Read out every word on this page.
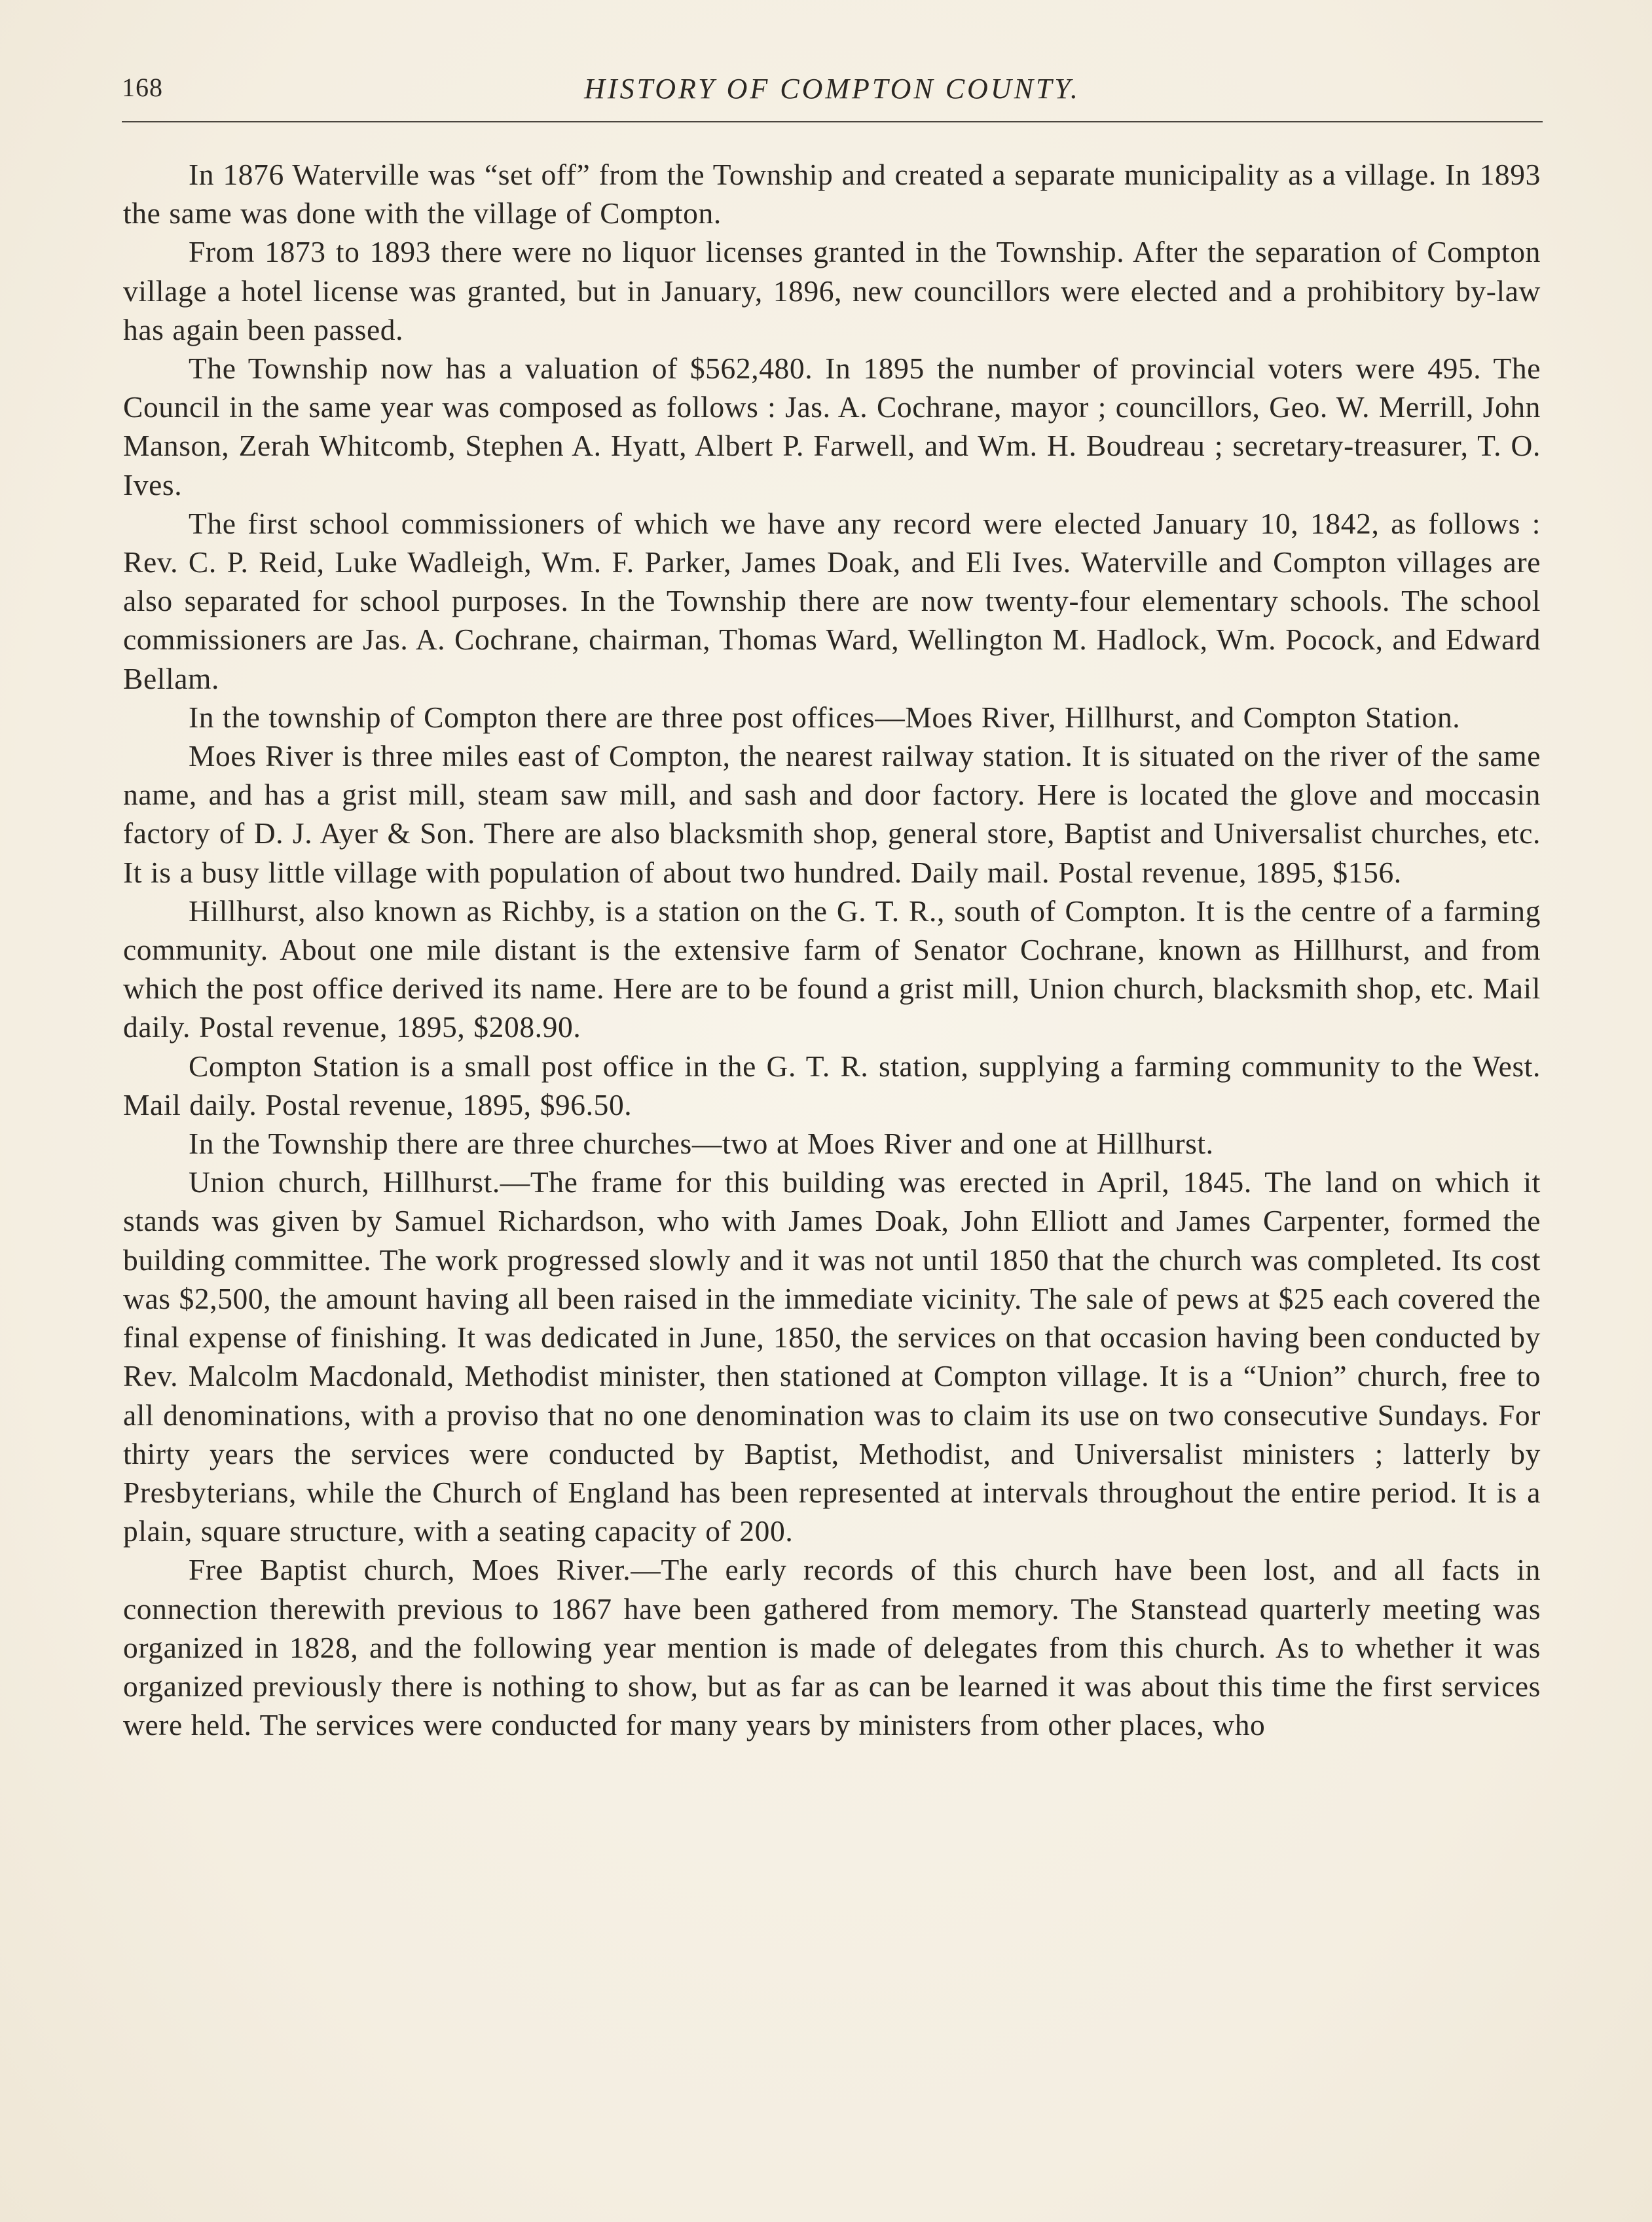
168	HISTORY OF COMPTON COUNTY.

In 1876 Waterville was “set off” from the Township and created a separate municipality as a village. In 1893 the same was done with the village of Compton.

From 1873 to 1893 there were no liquor licenses granted in the Township. After the separation of Compton village a hotel license was granted, but in January, 1896, new councillors were elected and a prohibitory by-law has again been passed.

The Township now has a valuation of $562,480. In 1895 the number of provincial voters were 495. The Council in the same year was composed as follows : Jas. A. Cochrane, mayor ; councillors, Geo. W. Merrill, John Manson, Zerah Whitcomb, Stephen A. Hyatt, Albert P. Farwell, and Wm. H. Boudreau ; secretary-treasurer, T. O. Ives.

The first school commissioners of which we have any record were elected January 10, 1842, as follows : Rev. C. P. Reid, Luke Wadleigh, Wm. F. Parker, James Doak, and Eli Ives. Waterville and Compton villages are also separated for school purposes. In the Township there are now twenty-four elementary schools. The school commissioners are Jas. A. Cochrane, chairman, Thomas Ward, Wellington M. Hadlock, Wm. Pocock, and Edward Bellam.

In the township of Compton there are three post offices—Moes River, Hillhurst, and Compton Station.

Moes River is three miles east of Compton, the nearest railway station. It is situated on the river of the same name, and has a grist mill, steam saw mill, and sash and door factory. Here is located the glove and moccasin factory of D. J. Ayer & Son. There are also blacksmith shop, general store, Baptist and Universalist churches, etc. It is a busy little village with population of about two hundred. Daily mail. Postal revenue, 1895, $156.

Hillhurst, also known as Richby, is a station on the G. T. R., south of Compton. It is the centre of a farming community. About one mile distant is the extensive farm of Senator Cochrane, known as Hillhurst, and from which the post office derived its name. Here are to be found a grist mill, Union church, blacksmith shop, etc. Mail daily. Postal revenue, 1895, $208.90.

Compton Station is a small post office in the G. T. R. station, supplying a farming community to the West. Mail daily. Postal revenue, 1895, $96.50.

In the Township there are three churches—two at Moes River and one at Hillhurst.

Union church, Hillhurst.—The frame for this building was erected in April, 1845. The land on which it stands was given by Samuel Richardson, who with James Doak, John Elliott and James Carpenter, formed the building committee. The work progressed slowly and it was not until 1850 that the church was completed. Its cost was $2,500, the amount having all been raised in the immediate vicinity. The sale of pews at $25 each covered the final expense of finishing. It was dedicated in June, 1850, the services on that occasion having been conducted by Rev. Malcolm Macdonald, Methodist minister, then stationed at Compton village. It is a “Union” church, free to all denominations, with a proviso that no one denomination was to claim its use on two consecutive Sundays. For thirty years the services were conducted by Baptist, Methodist, and Universalist ministers ; latterly by Presbyterians, while the Church of England has been represented at intervals throughout the entire period. It is a plain, square structure, with a seating capacity of 200.

Free Baptist church, Moes River.—The early records of this church have been lost, and all facts in connection therewith previous to 1867 have been gathered from memory. The Stanstead quarterly meeting was organized in 1828, and the following year mention is made of delegates from this church. As to whether it was organized previously there is nothing to show, but as far as can be learned it was about this time the first services were held. The services were conducted for many years by ministers from other places, who
